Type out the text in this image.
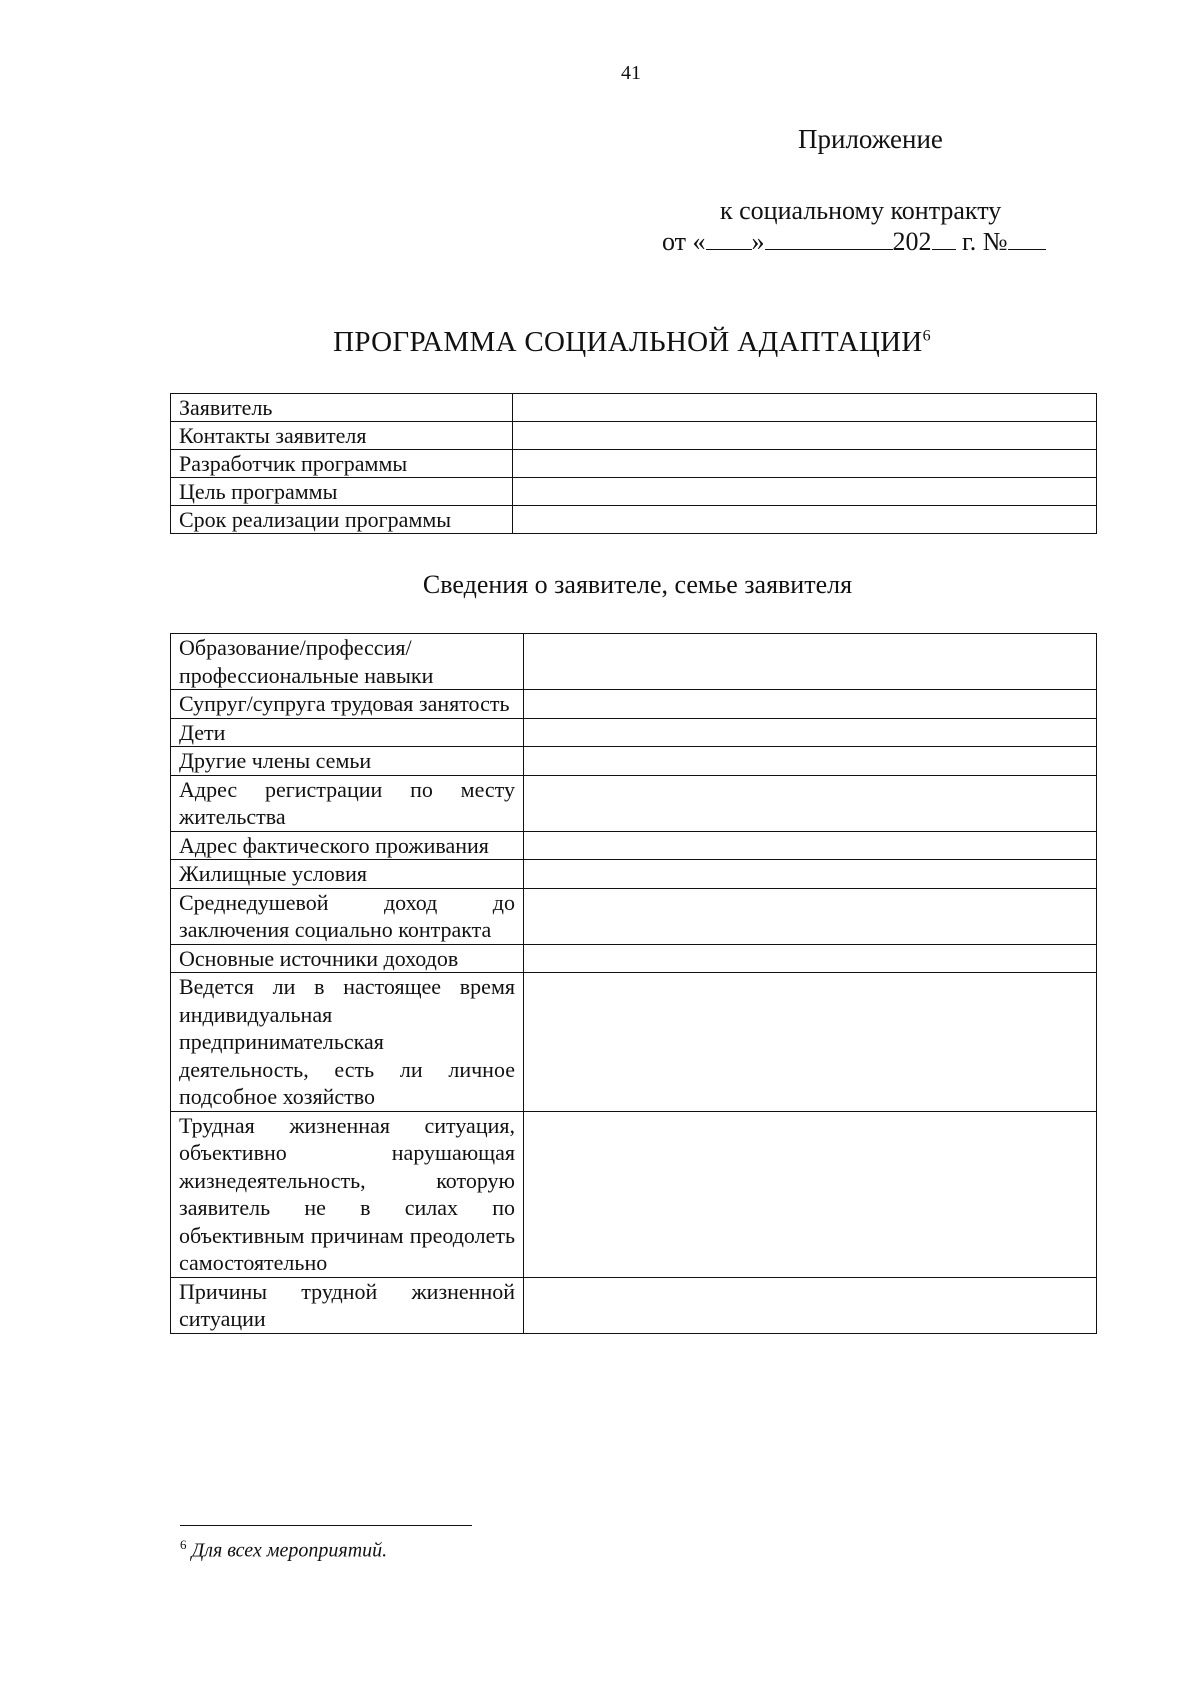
41
Приложение
к социальному контракту
от « »	202 г. №
ПРОГРАММА СОЦИАЛЬНОЙ АДАПТАЦИИ$^6$
Заявитель	
Контакты заявителя	
Разработчик программы	
Цель программы	
Срок реализации программы	
Сведения о заявителе, семье заявителя
Образование/профессия/ профессиональные навыки	
Супруг/супруга трудовая занятость	
Дети	
Другие члены семьи	
Адрес регистрации по месту жительства	
Адрес фактического проживания	
Жилищные условия	
Среднедушевой доход до заключения социально контракта	
Основные источники доходов	
Ведется ли в настоящее время индивидуальная предпринимательская деятельность, есть ли личное подсобное хозяйство	
Трудная жизненная ситуация, объективно нарушающая жизнедеятельность, которую заявитель не в силах по объективным причинам преодолеть самостоятельно	
Причины трудной жизненной ситуации	
$^6$ Для всех мероприятий.
